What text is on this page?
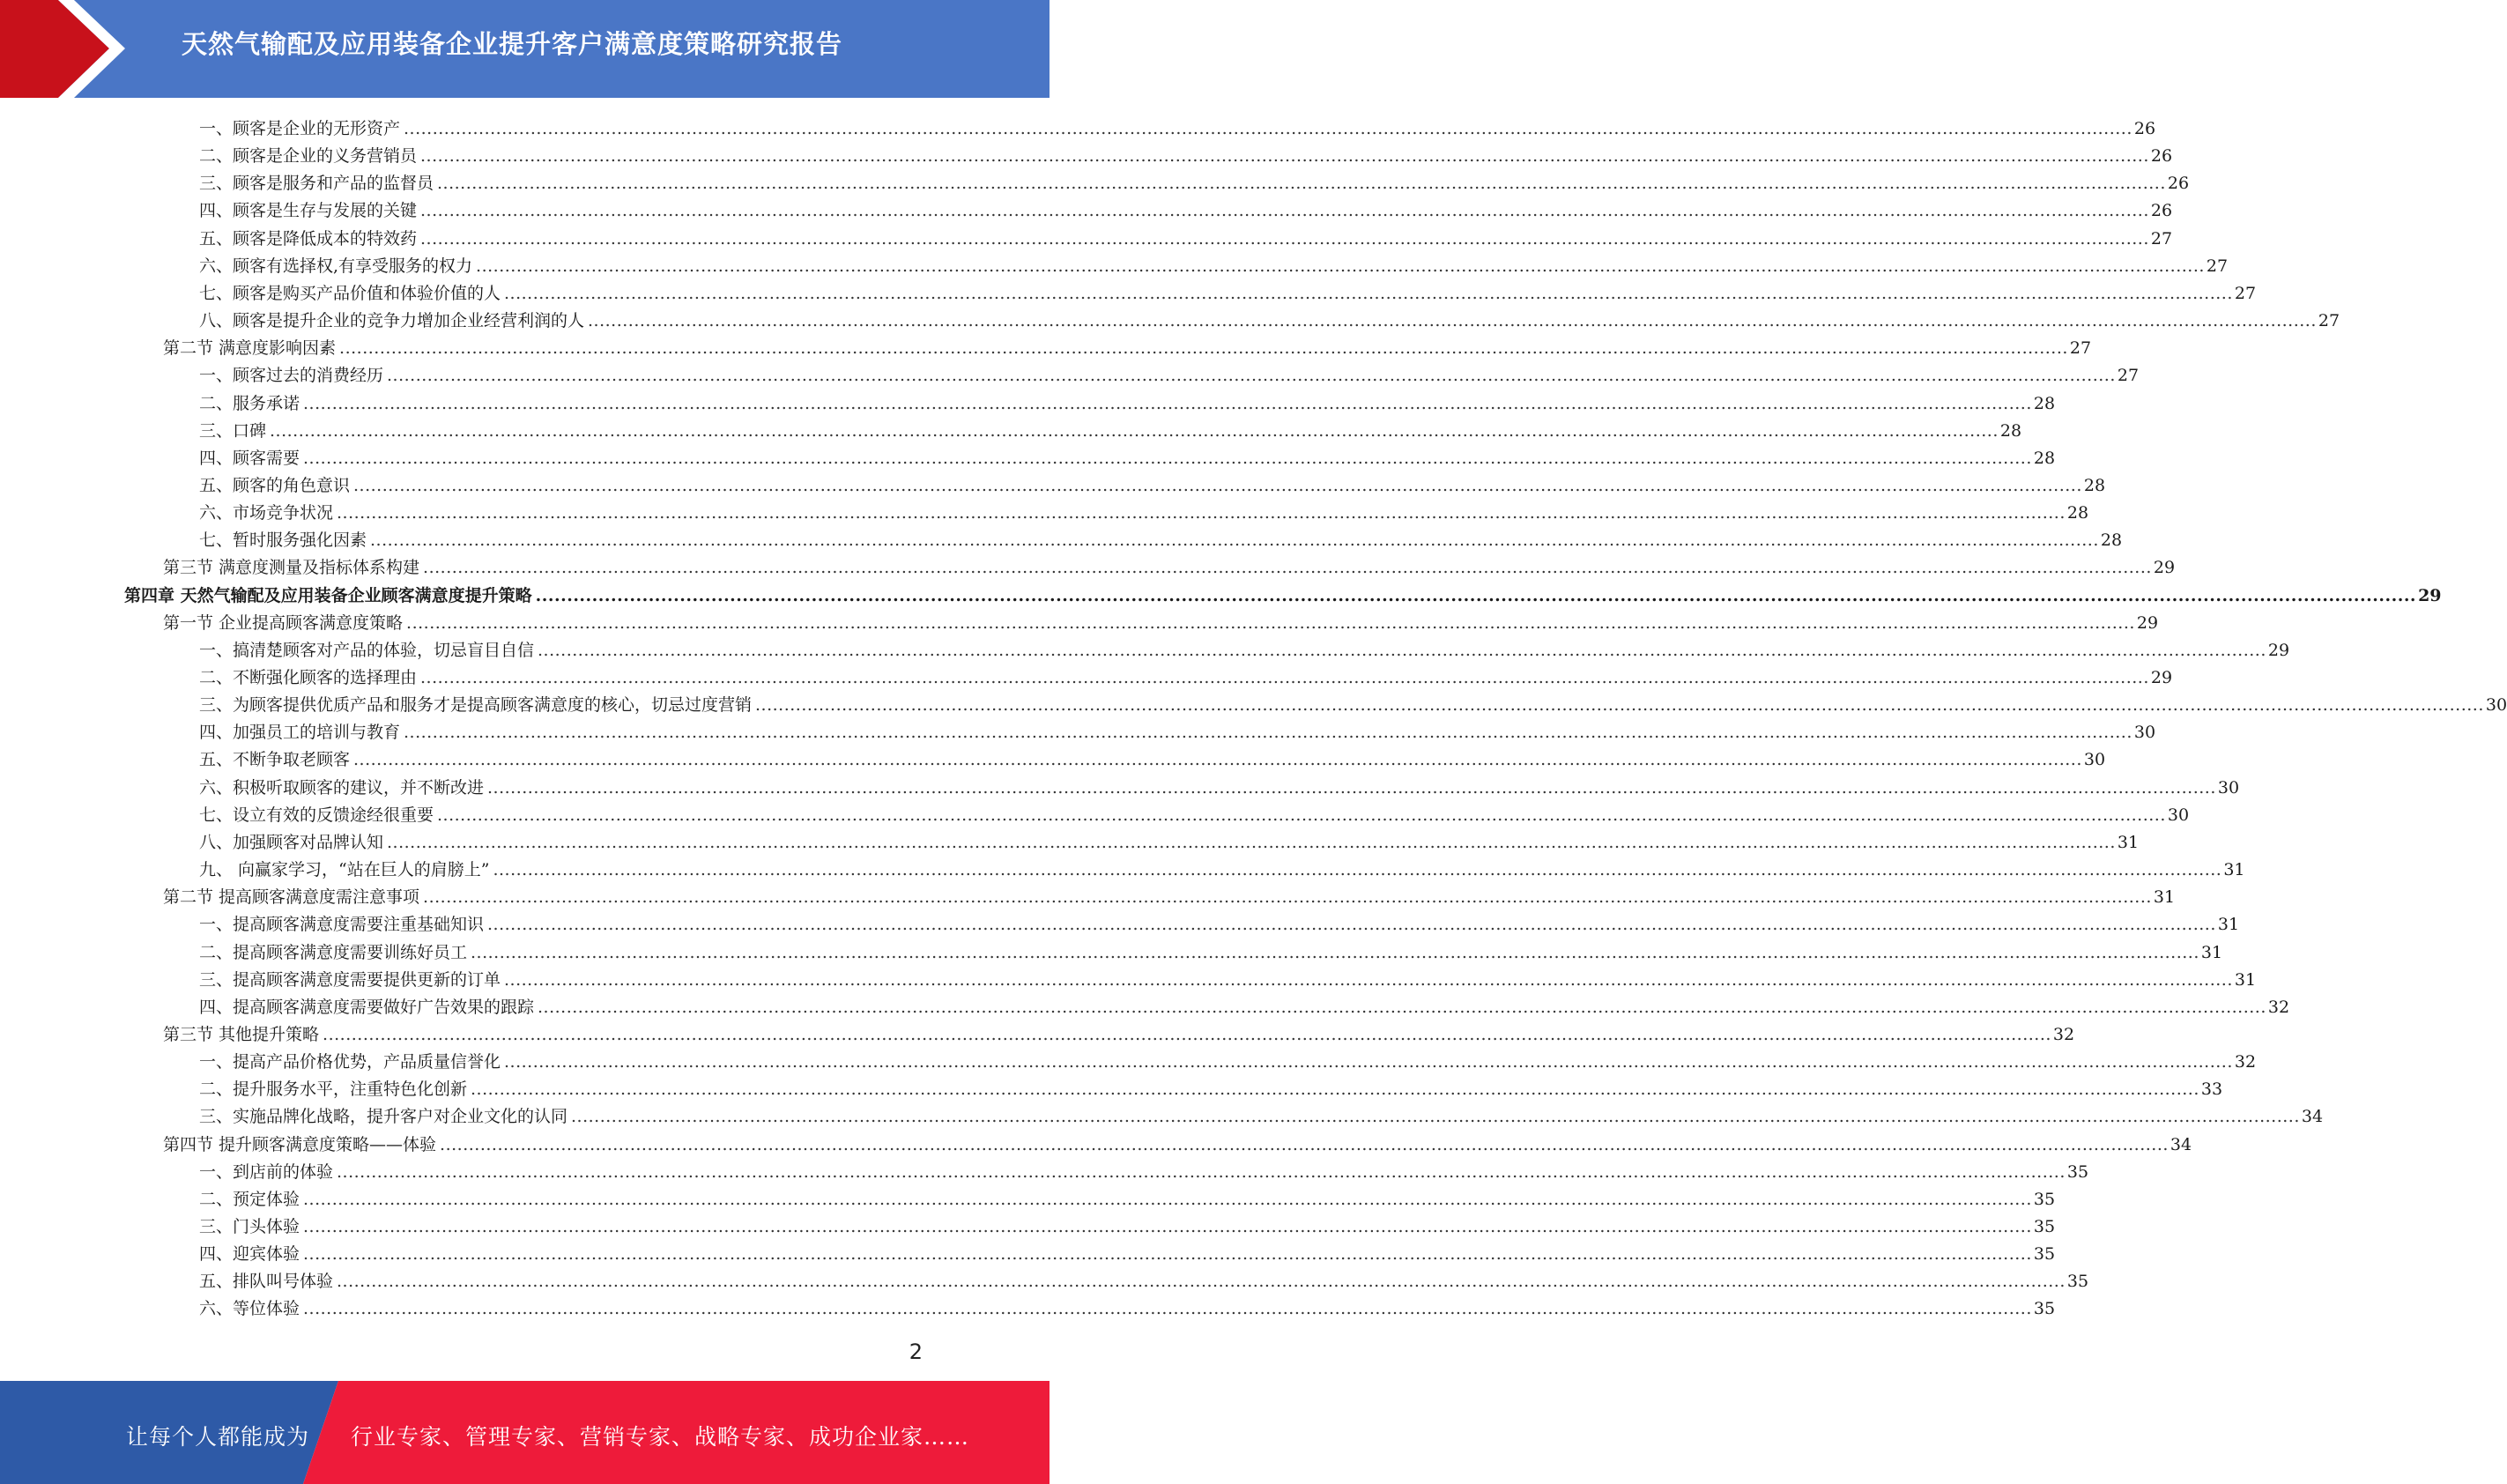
天然气输配及应用装备企业提升客户满意度策略研究报告
一、顾客是企业的无形资产 ............................................................................................................................................................................................................................................................................................................ 26
二、顾客是企业的义务营销员 ............................................................................................................................................................................................................................................................................................................ 26
三、顾客是服务和产品的监督员 ............................................................................................................................................................................................................................................................................................................ 26
四、顾客是生存与发展的关键 ............................................................................................................................................................................................................................................................................................................ 26
五、顾客是降低成本的特效药 ............................................................................................................................................................................................................................................................................................................ 27
六、顾客有选择权,有享受服务的权力 ............................................................................................................................................................................................................................................................................................................ 27
七、顾客是购买产品价值和体验价值的人 ............................................................................................................................................................................................................................................................................................................ 27
八、顾客是提升企业的竞争力增加企业经营利润的人 ............................................................................................................................................................................................................................................................................................................ 27
第二节 满意度影响因素 ............................................................................................................................................................................................................................................................................................................ 27
一、顾客过去的消费经历 ............................................................................................................................................................................................................................................................................................................ 27
二、服务承诺 ............................................................................................................................................................................................................................................................................................................ 28
三、口碑 ............................................................................................................................................................................................................................................................................................................ 28
四、顾客需要 ............................................................................................................................................................................................................................................................................................................ 28
五、顾客的角色意识 ............................................................................................................................................................................................................................................................................................................ 28
六、市场竞争状况 ............................................................................................................................................................................................................................................................................................................ 28
七、暂时服务强化因素 ............................................................................................................................................................................................................................................................................................................ 28
第三节 满意度测量及指标体系构建 ............................................................................................................................................................................................................................................................................................................ 29
第四章 天然气输配及应用装备企业顾客满意度提升策略 ............................................................................................................................................................................................................................................................................................................ 29
第一节 企业提高顾客满意度策略 ............................................................................................................................................................................................................................................................................................................ 29
一、搞清楚顾客对产品的体验，切忌盲目自信 ............................................................................................................................................................................................................................................................................................................ 29
二、不断强化顾客的选择理由 ............................................................................................................................................................................................................................................................................................................ 29
三、为顾客提供优质产品和服务才是提高顾客满意度的核心，切忌过度营销 ............................................................................................................................................................................................................................................................................................................ 30
四、加强员工的培训与教育 ............................................................................................................................................................................................................................................................................................................ 30
五、不断争取老顾客 ............................................................................................................................................................................................................................................................................................................ 30
六、积极听取顾客的建议，并不断改进 ............................................................................................................................................................................................................................................................................................................ 30
七、设立有效的反馈途经很重要 ............................................................................................................................................................................................................................................................................................................ 30
八、加强顾客对品牌认知 ............................................................................................................................................................................................................................................................................................................ 31
九、 向赢家学习，“站在巨人的肩膀上” ............................................................................................................................................................................................................................................................................................................ 31
第二节 提高顾客满意度需注意事项 ............................................................................................................................................................................................................................................................................................................ 31
一、提高顾客满意度需要注重基础知识 ............................................................................................................................................................................................................................................................................................................ 31
二、提高顾客满意度需要训练好员工 ............................................................................................................................................................................................................................................................................................................ 31
三、提高顾客满意度需要提供更新的订单 ............................................................................................................................................................................................................................................................................................................ 31
四、提高顾客满意度需要做好广告效果的跟踪 ............................................................................................................................................................................................................................................................................................................ 32
第三节 其他提升策略 ............................................................................................................................................................................................................................................................................................................ 32
一、提高产品价格优势，产品质量信誉化 ............................................................................................................................................................................................................................................................................................................ 32
二、提升服务水平，注重特色化创新 ............................................................................................................................................................................................................................................................................................................ 33
三、实施品牌化战略，提升客户对企业文化的认同 ............................................................................................................................................................................................................................................................................................................ 34
第四节 提升顾客满意度策略——体验 ............................................................................................................................................................................................................................................................................................................ 34
一、到店前的体验 ............................................................................................................................................................................................................................................................................................................ 35
二、预定体验 ............................................................................................................................................................................................................................................................................................................ 35
三、门头体验 ............................................................................................................................................................................................................................................................................................................ 35
四、迎宾体验 ............................................................................................................................................................................................................................................................................................................ 35
五、排队叫号体验 ............................................................................................................................................................................................................................................................................................................ 35
六、等位体验 ............................................................................................................................................................................................................................................................................................................ 35
2
让每个人都能成为 行业专家、管理专家、营销专家、战略专家、成功企业家……
